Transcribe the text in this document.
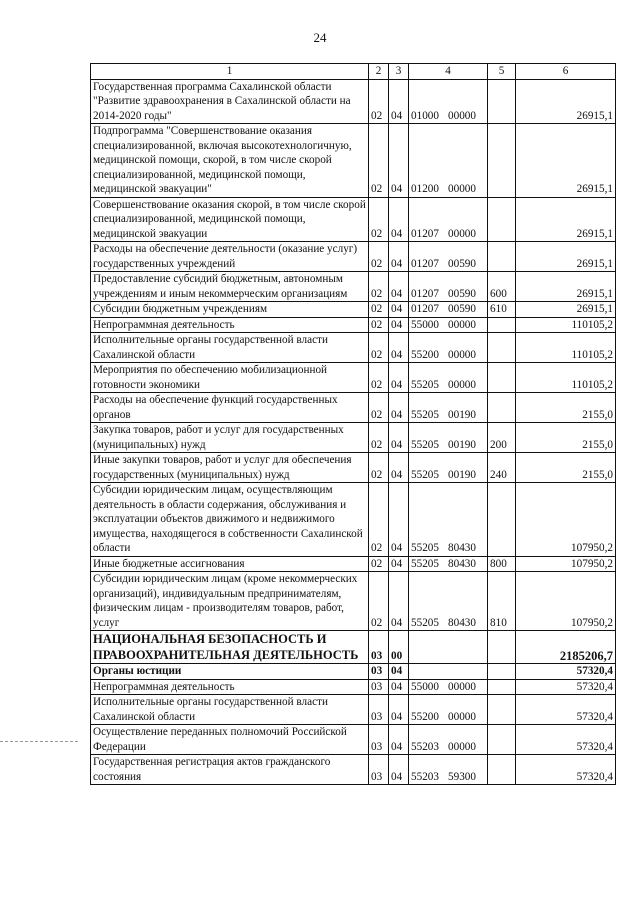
24
1	2	3	4	5	6
Государственная программа Сахалинской области "Развитие здравоохранения в Сахалинской области на 2014-2020 годы"	02	04	01000 00000		26915,1
Подпрограмма "Совершенствование оказания специализированной, включая высокотехнологичную, медицинской помощи, скорой, в том числе скорой специализированной, медицинской помощи, медицинской эвакуации"	02	04	01200 00000		26915,1
Совершенствование оказания скорой, в том числе скорой специализированной, медицинской помощи, медицинской эвакуации	02	04	01207 00000		26915,1
Расходы на обеспечение деятельности (оказание услуг) государственных учреждений	02	04	01207 00590		26915,1
Предоставление субсидий бюджетным, автономным учреждениям и иным некоммерческим организациям	02	04	01207 00590	600	26915,1
Субсидии бюджетным учреждениям	02	04	01207 00590	610	26915,1
Непрограммная деятельность	02	04	55000 00000		110105,2
Исполнительные органы государственной власти Сахалинской области	02	04	55200 00000		110105,2
Мероприятия по обеспечению мобилизационной готовности экономики	02	04	55205 00000		110105,2
Расходы на обеспечение функций государственных органов	02	04	55205 00190		2155,0
Закупка товаров, работ и услуг для государственных (муниципальных) нужд	02	04	55205 00190	200	2155,0
Иные закупки товаров, работ и услуг для обеспечения государственных (муниципальных) нужд	02	04	55205 00190	240	2155,0
Субсидии юридическим лицам, осуществляющим деятельность в области содержания, обслуживания и эксплуатации объектов движимого и недвижимого имущества, находящегося в собственности Сахалинской области	02	04	55205 80430		107950,2
Иные бюджетные ассигнования	02	04	55205 80430	800	107950,2
Субсидии юридическим лицам (кроме некоммерческих организаций), индивидуальным предпринимателям, физическим лицам - производителям товаров, работ, услуг	02	04	55205 80430	810	107950,2
НАЦИОНАЛЬНАЯ БЕЗОПАСНОСТЬ И ПРАВООХРАНИТЕЛЬНАЯ ДЕЯТЕЛЬНОСТЬ	03	00			2185206,7
Органы юстиции	03	04			57320,4
Непрограммная деятельность	03	04	55000 00000		57320,4
Исполнительные органы государственной власти Сахалинской области	03	04	55200 00000		57320,4
Осуществление переданных полномочий Российской Федерации	03	04	55203 00000		57320,4
Государственная регистрация актов гражданского состояния	03	04	55203 59300		57320,4
